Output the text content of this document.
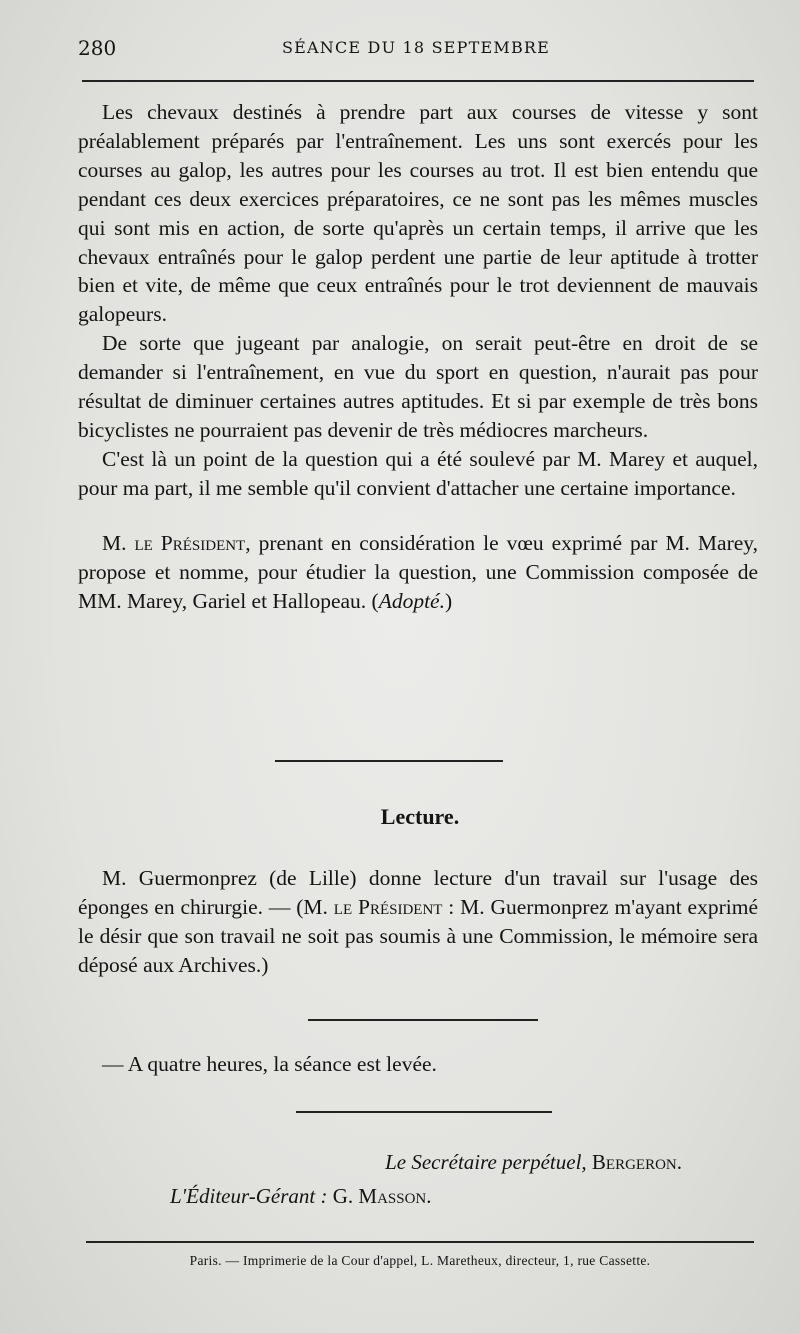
280	SÉANCE DU 18 SEPTEMBRE

Les chevaux destinés à prendre part aux courses de vitesse y sont préalablement préparés par l'entraînement. Les uns sont exercés pour les courses au galop, les autres pour les courses au trot. Il est bien entendu que pendant ces deux exercices préparatoires, ce ne sont pas les mêmes muscles qui sont mis en action, de sorte qu'après un certain temps, il arrive que les chevaux entraînés pour le galop perdent une partie de leur aptitude à trotter bien et vite, de même que ceux entraînés pour le trot deviennent de mauvais galopeurs.

De sorte que jugeant par analogie, on serait peut-être en droit de se demander si l'entraînement, en vue du sport en question, n'aurait pas pour résultat de diminuer certaines autres aptitudes. Et si par exemple de très bons bicyclistes ne pourraient pas devenir de très médiocres marcheurs.

C'est là un point de la question qui a été soulevé par M. Marey et auquel, pour ma part, il me semble qu'il convient d'attacher une certaine importance.

M. le Président, prenant en considération le vœu exprimé par M. Marey, propose et nomme, pour étudier la question, une Commission composée de MM. Marey, Gariel et Hallopeau. (Adopté.)

Lecture.

M. Guermonprez (de Lille) donne lecture d'un travail sur l'usage des éponges en chirurgie. — (M. le Président : M. Guermonprez m'ayant exprimé le désir que son travail ne soit pas soumis à une Commission, le mémoire sera déposé aux Archives.)

— A quatre heures, la séance est levée.
Le Secrétaire perpétuel, Bergeron.
L'Éditeur-Gérant : G. Masson.
Paris. — Imprimerie de la Cour d'appel, L. Maretheux, directeur, 1, rue Cassette.
